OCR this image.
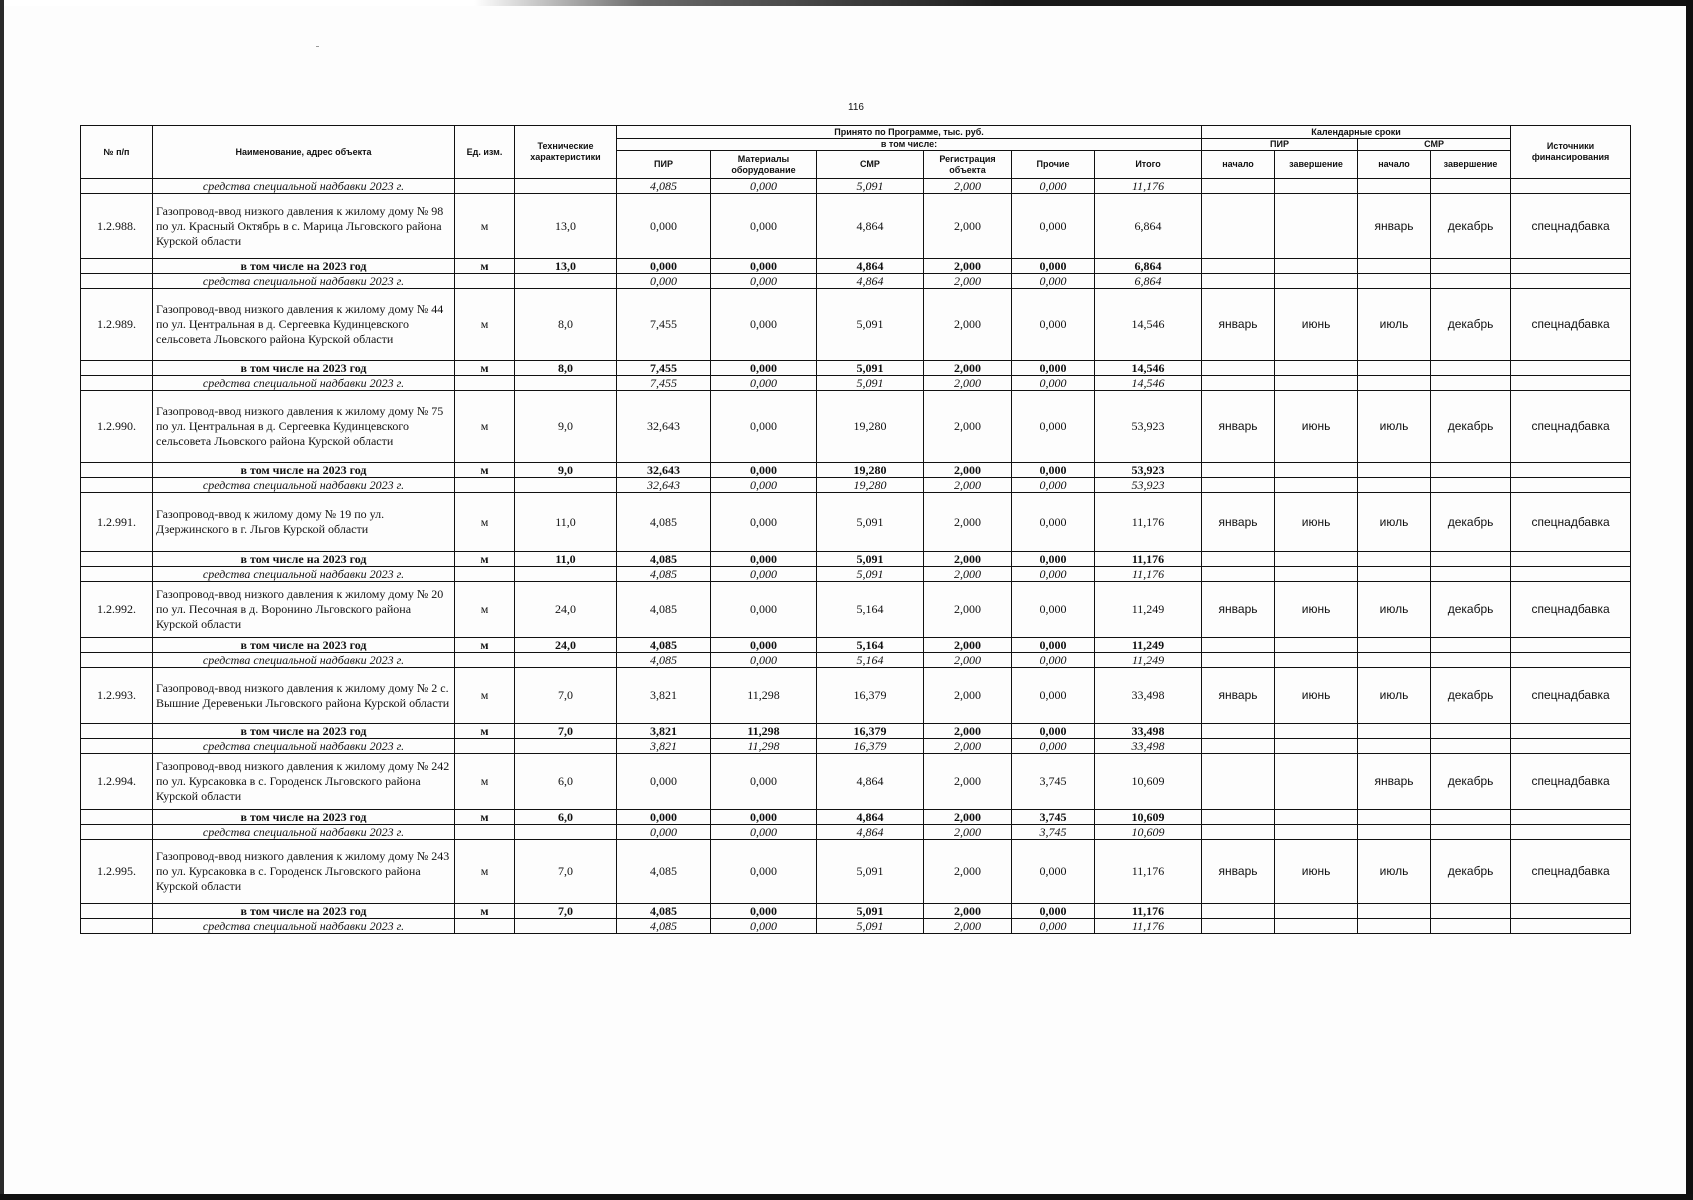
116
№ п/п	Наименование, адрес объекта	Ед. изм.	Технические характеристики	Принято по Программе, тыс. руб.						Календарные сроки				Источники финансирования
				в том числе:						ПИР		СМР		
				ПИР	Материалы оборудование	СМР	Регистрация объекта	Прочие	Итого	начало	завершение	начало	завершение	
	средства специальной надбавки 2023 г.			4,085	0,000	5,091	2,000	0,000	11,176					
1.2.988.	Газопровод-ввод низкого давления к жилому дому № 98 по ул. Красный Октябрь в с. Марица Льговского района Курской области	м	13,0	0,000	0,000	4,864	2,000	0,000	6,864			январь	декабрь	спецнадбавка
	в том числе на 2023 год	м	13,0	0,000	0,000	4,864	2,000	0,000	6,864					
	средства специальной надбавки 2023 г.			0,000	0,000	4,864	2,000	0,000	6,864					
1.2.989.	Газопровод-ввод низкого давления к жилому дому № 44 по ул. Центральная в д. Сергеевка Кудинцевского сельсовета Льовского района Курской области	м	8,0	7,455	0,000	5,091	2,000	0,000	14,546	январь	июнь	июль	декабрь	спецнадбавка
	в том числе на 2023 год	м	8,0	7,455	0,000	5,091	2,000	0,000	14,546					
	средства специальной надбавки 2023 г.			7,455	0,000	5,091	2,000	0,000	14,546					
1.2.990.	Газопровод-ввод низкого давления к жилому дому № 75 по ул. Центральная в д. Сергеевка Кудинцевского сельсовета Льовского района Курской области	м	9,0	32,643	0,000	19,280	2,000	0,000	53,923	январь	июнь	июль	декабрь	спецнадбавка
	в том числе на 2023 год	м	9,0	32,643	0,000	19,280	2,000	0,000	53,923					
	средства специальной надбавки 2023 г.			32,643	0,000	19,280	2,000	0,000	53,923					
1.2.991.	Газопровод-ввод к жилому дому № 19 по ул. Дзержинского в г. Льгов Курской области	м	11,0	4,085	0,000	5,091	2,000	0,000	11,176	январь	июнь	июль	декабрь	спецнадбавка
	в том числе на 2023 год	м	11,0	4,085	0,000	5,091	2,000	0,000	11,176					
	средства специальной надбавки 2023 г.			4,085	0,000	5,091	2,000	0,000	11,176					
1.2.992.	Газопровод-ввод низкого давления к жилому дому № 20 по ул. Песочная в д. Воронино Льговского района Курской области	м	24,0	4,085	0,000	5,164	2,000	0,000	11,249	январь	июнь	июль	декабрь	спецнадбавка
	в том числе на 2023 год	м	24,0	4,085	0,000	5,164	2,000	0,000	11,249					
	средства специальной надбавки 2023 г.			4,085	0,000	5,164	2,000	0,000	11,249					
1.2.993.	Газопровод-ввод низкого давления к жилому дому № 2 с. Вышние Деревеньки Льговского района Курской области	м	7,0	3,821	11,298	16,379	2,000	0,000	33,498	январь	июнь	июль	декабрь	спецнадбавка
	в том числе на 2023 год	м	7,0	3,821	11,298	16,379	2,000	0,000	33,498					
	средства специальной надбавки 2023 г.			3,821	11,298	16,379	2,000	0,000	33,498					
1.2.994.	Газопровод-ввод низкого давления к жилому дому № 242 по ул. Курсаковка в с. Городенск Льговского района Курской области	м	6,0	0,000	0,000	4,864	2,000	3,745	10,609			январь	декабрь	спецнадбавка
	в том числе на 2023 год	м	6,0	0,000	0,000	4,864	2,000	3,745	10,609					
	средства специальной надбавки 2023 г.			0,000	0,000	4,864	2,000	3,745	10,609					
1.2.995.	Газопровод-ввод низкого давления к жилому дому № 243 по ул. Курсаковка в с. Городенск Льговского района Курской области	м	7,0	4,085	0,000	5,091	2,000	0,000	11,176	январь	июнь	июль	декабрь	спецнадбавка
	в том числе на 2023 год	м	7,0	4,085	0,000	5,091	2,000	0,000	11,176					
	средства специальной надбавки 2023 г.			4,085	0,000	5,091	2,000	0,000	11,176					
